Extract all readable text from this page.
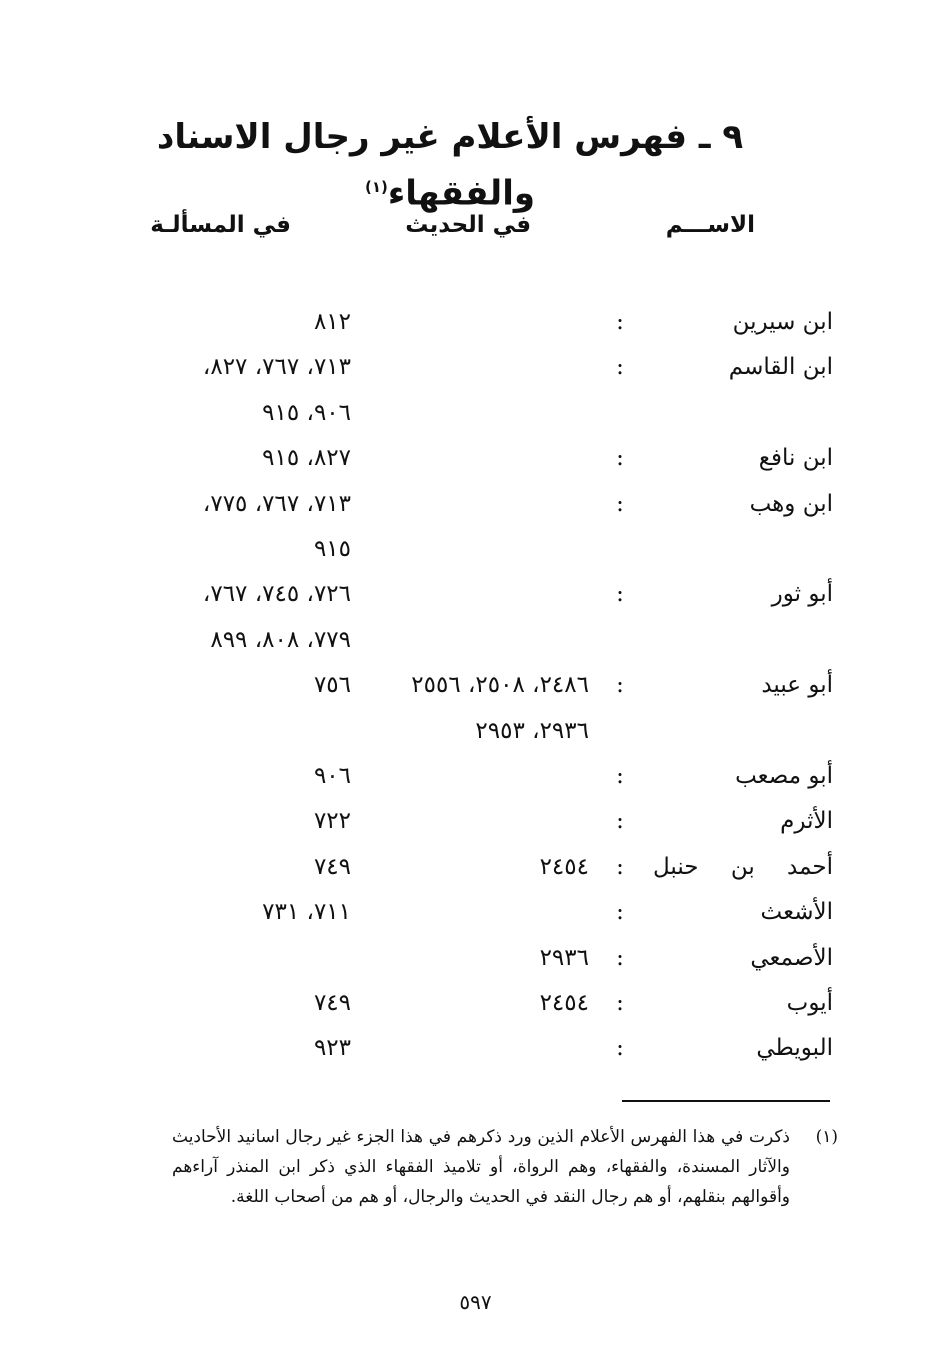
٩ ـ فهرس الأعلام غير رجال الاسناد والفقهاء$^{(١)}$
الاســـم
في الحديث
في المسألـة
ابن سيرين
:
٨١٢
ابن القاسم
:
٧١٣، ٧٦٧، ٨٢٧،
٩٠٦، ٩١٥
ابن نافع
:
٨٢٧، ٩١٥
ابن وهب
:
٧١٣، ٧٦٧، ٧٧٥،
٩١٥
أبو ثور
:
٧٢٦، ٧٤٥، ٧٦٧،
٧٧٩، ٨٠٨، ٨٩٩
أبو عبيد
:
٢٤٨٦، ٢٥٠٨، ٢٥٥٦
٧٥٦
٢٩٣٦، ٢٩٥٣
أبو مصعب
:
٩٠٦
الأثرم
:
٧٢٢
أحمد بن حنبل
:
٢٤٥٤
٧٤٩
الأشعث
:
٧١١، ٧٣١
الأصمعي
:
٢٩٣٦
أيوب
:
٢٤٥٤
٧٤٩
البويطي
:
٩٢٣
(١)
ذكرت في هذا الفهرس الأعلام الذين ورد ذكرهم في هذا الجزء غير رجال اسانيد الأحاديث والآثار المسندة، والفقهاء، وهم الرواة، أو تلاميذ الفقهاء الذي ذكر ابن المنذر آراءهم وأقوالهم بنقلهم، أو هم رجال النقد في الحديث والرجال، أو هم من أصحاب اللغة.
٥٩٧
